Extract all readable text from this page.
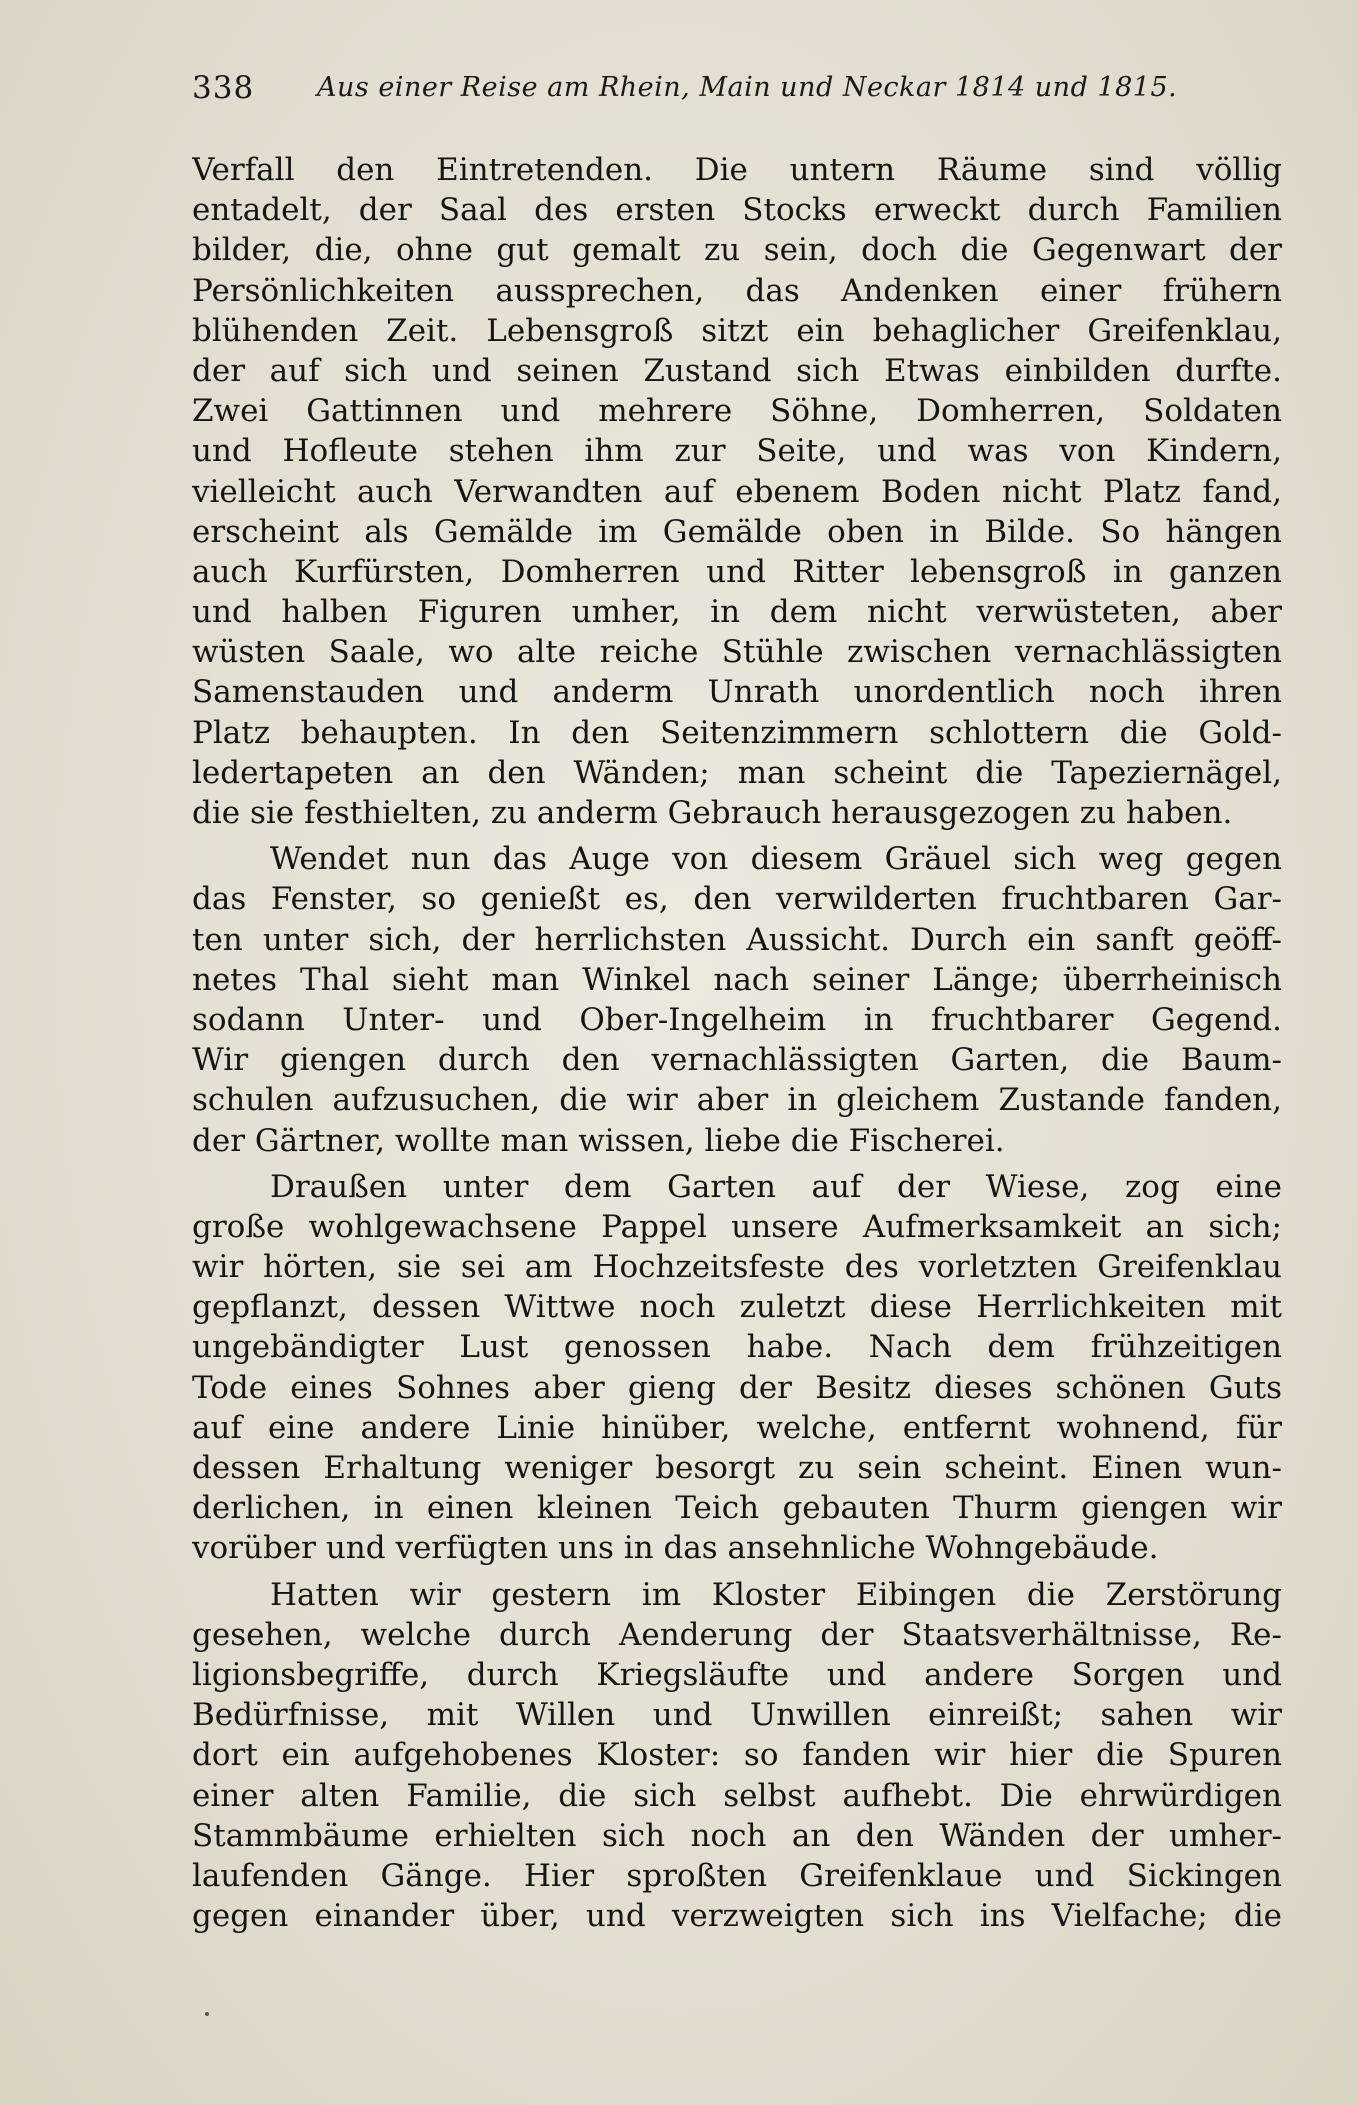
338 Aus einer Reise am Rhein, Main und Neckar 1814 und 1815.

Verfall den Eintretenden. Die untern Räume sind völlig
entadelt, der Saal des ersten Stocks erweckt durch Familien
bilder, die, ohne gut gemalt zu sein, doch die Gegenwart der
Persönlichkeiten aussprechen, das Andenken einer frühern
blühenden Zeit. Lebensgroß sitzt ein behaglicher Greifenklau,
der auf sich und seinen Zustand sich Etwas einbilden durfte.
Zwei Gattinnen und mehrere Söhne, Domherren, Soldaten
und Hofleute stehen ihm zur Seite, und was von Kindern,
vielleicht auch Verwandten auf ebenem Boden nicht Platz fand,
erscheint als Gemälde im Gemälde oben in Bilde. So hängen
auch Kurfürsten, Domherren und Ritter lebensgroß in ganzen
und halben Figuren umher, in dem nicht verwüsteten, aber
wüsten Saale, wo alte reiche Stühle zwischen vernachlässigten
Samenstauden und anderm Unrath unordentlich noch ihren
Platz behaupten. In den Seitenzimmern schlottern die Gold-
ledertapeten an den Wänden; man scheint die Tapeziernägel,
die sie festhielten, zu anderm Gebrauch herausgezogen zu haben.

Wendet nun das Auge von diesem Gräuel sich weg gegen
das Fenster, so genießt es, den verwilderten fruchtbaren Gar-
ten unter sich, der herrlichsten Aussicht. Durch ein sanft geöff-
netes Thal sieht man Winkel nach seiner Länge; überrheinisch
sodann Unter- und Ober-Ingelheim in fruchtbarer Gegend.
Wir giengen durch den vernachlässigten Garten, die Baum-
schulen aufzusuchen, die wir aber in gleichem Zustande fanden,
der Gärtner, wollte man wissen, liebe die Fischerei.

Draußen unter dem Garten auf der Wiese, zog eine
große wohlgewachsene Pappel unsere Aufmerksamkeit an sich;
wir hörten, sie sei am Hochzeitsfeste des vorletzten Greifenklau
gepflanzt, dessen Wittwe noch zuletzt diese Herrlichkeiten mit
ungebändigter Lust genossen habe. Nach dem frühzeitigen
Tode eines Sohnes aber gieng der Besitz dieses schönen Guts
auf eine andere Linie hinüber, welche, entfernt wohnend, für
dessen Erhaltung weniger besorgt zu sein scheint. Einen wun-
derlichen, in einen kleinen Teich gebauten Thurm giengen wir
vorüber und verfügten uns in das ansehnliche Wohngebäude.

Hatten wir gestern im Kloster Eibingen die Zerstörung
gesehen, welche durch Aenderung der Staatsverhältnisse, Re-
ligionsbegriffe, durch Kriegsläufte und andere Sorgen und
Bedürfnisse, mit Willen und Unwillen einreißt; sahen wir
dort ein aufgehobenes Kloster: so fanden wir hier die Spuren
einer alten Familie, die sich selbst aufhebt. Die ehrwürdigen
Stammbäume erhielten sich noch an den Wänden der umher-
laufenden Gänge. Hier sproßten Greifenklaue und Sickingen
gegen einander über, und verzweigten sich ins Vielfache; die
